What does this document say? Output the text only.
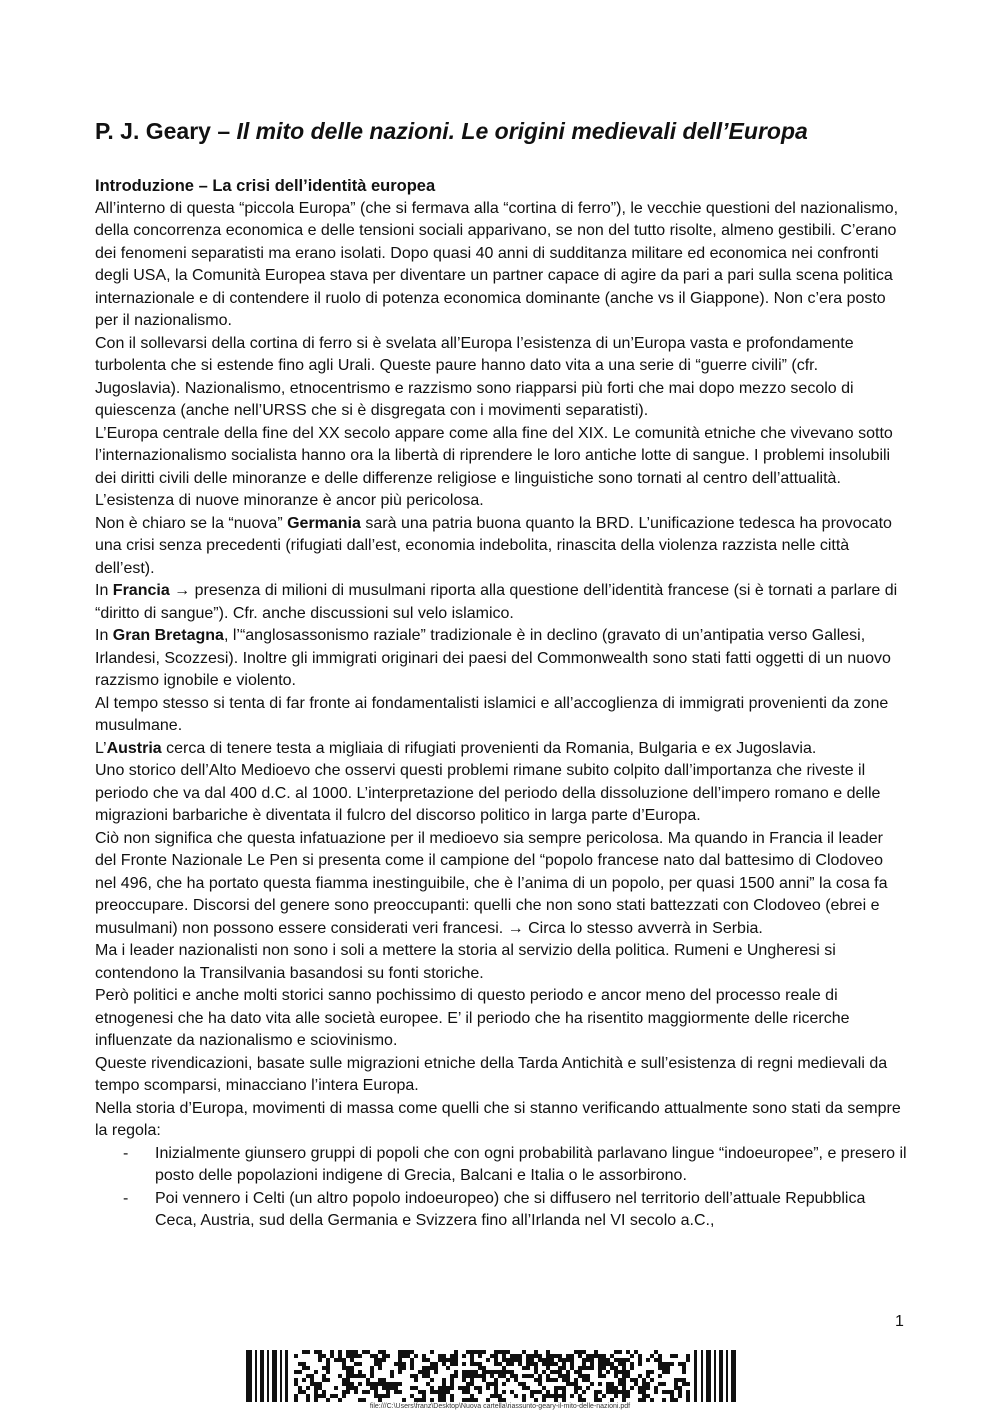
P. J. Geary – Il mito delle nazioni. Le origini medievali dell’Europa
Introduzione – La crisi dell’identità europea

All’interno di questa “piccola Europa” (che si fermava alla “cortina di ferro”), le vecchie questioni del nazionalismo, della concorrenza economica e delle tensioni sociali apparivano, se non del tutto risolte, almeno gestibili. C’erano dei fenomeni separatisti ma erano isolati. Dopo quasi 40 anni di sudditanza militare ed economica nei confronti degli USA, la Comunità Europea stava per diventare un partner capace di agire da pari a pari sulla scena politica internazionale e di contendere il ruolo di potenza economica dominante (anche vs il Giappone). Non c’era posto per il nazionalismo.

Con il sollevarsi della cortina di ferro si è svelata all’Europa l’esistenza di un’Europa vasta e profondamente turbolenta che si estende fino agli Urali. Queste paure hanno dato vita a una serie di “guerre civili” (cfr. Jugoslavia). Nazionalismo, etnocentrismo e razzismo sono riapparsi più forti che mai dopo mezzo secolo di quiescenza (anche nell’URSS che si è disgregata con i movimenti separatisti).

L’Europa centrale della fine del XX secolo appare come alla fine del XIX. Le comunità etniche che vivevano sotto l’internazionalismo socialista hanno ora la libertà di riprendere le loro antiche lotte di sangue. I problemi insolubili dei diritti civili delle minoranze e delle differenze religiose e linguistiche sono tornati al centro dell’attualità.

L’esistenza di nuove minoranze è ancor più pericolosa.

Non è chiaro se la “nuova” Germania sarà una patria buona quanto la BRD. L’unificazione tedesca ha provocato una crisi senza precedenti (rifugiati dall’est, economia indebolita, rinascita della violenza razzista nelle città dell’est).

In Francia → presenza di milioni di musulmani riporta alla questione dell’identità francese (si è tornati a parlare di “diritto di sangue”). Cfr. anche discussioni sul velo islamico.

In Gran Bretagna, l’“anglosassonismo raziale” tradizionale è in declino (gravato di un’antipatia verso Gallesi, Irlandesi, Scozzesi). Inoltre gli immigrati originari dei paesi del Commonwealth sono stati fatti oggetti di un nuovo razzismo ignobile e violento.

Al tempo stesso si tenta di far fronte ai fondamentalisti islamici e all’accoglienza di immigrati provenienti da zone musulmane.

L’Austria cerca di tenere testa a migliaia di rifugiati provenienti da Romania, Bulgaria e ex Jugoslavia.

Uno storico dell’Alto Medioevo che osservi questi problemi rimane subito colpito dall’importanza che riveste il periodo che va dal 400 d.C. al 1000. L’interpretazione del periodo della dissoluzione dell’impero romano e delle migrazioni barbariche è diventata il fulcro del discorso politico in larga parte d’Europa.

Ciò non significa che questa infatuazione per il medioevo sia sempre pericolosa. Ma quando in Francia il leader del Fronte Nazionale Le Pen si presenta come il campione del “popolo francese nato dal battesimo di Clodoveo nel 496, che ha portato questa fiamma inestinguibile, che è l’anima di un popolo, per quasi 1500 anni” la cosa fa preoccupare. Discorsi del genere sono preoccupanti: quelli che non sono stati battezzati con Clodoveo (ebrei e musulmani) non possono essere considerati veri francesi. → Circa lo stesso avverrà in Serbia.

Ma i leader nazionalisti non sono i soli a mettere la storia al servizio della politica. Rumeni e Ungheresi si contendono la Transilvania basandosi su fonti storiche.

Però politici e anche molti storici sanno pochissimo di questo periodo e ancor meno del processo reale di etnogenesi che ha dato vita alle società europee. E’ il periodo che ha risentito maggiormente delle ricerche influenzate da nazionalismo e sciovinismo.

Queste rivendicazioni, basate sulle migrazioni etniche della Tarda Antichità e sull’esistenza di regni medievali da tempo scomparsi, minacciano l’intera Europa.

Nella storia d’Europa, movimenti di massa come quelli che si stanno verificando attualmente sono stati da sempre la regola:

- Inizialmente giunsero gruppi di popoli che con ogni probabilità parlavano lingue “indoeuropee”, e presero il posto delle popolazioni indigene di Grecia, Balcani e Italia o le assorbirono.
- Poi vennero i Celti (un altro popolo indoeuropeo) che si diffusero nel territorio dell’attuale Repubblica Ceca, Austria, sud della Germania e Svizzera fino all’Irlanda nel VI secolo a.C.,
1
file:///C:\Users\franz\Desktop\Nuova cartella\riassunto-geary-il-mito-delle-nazioni.pdf
